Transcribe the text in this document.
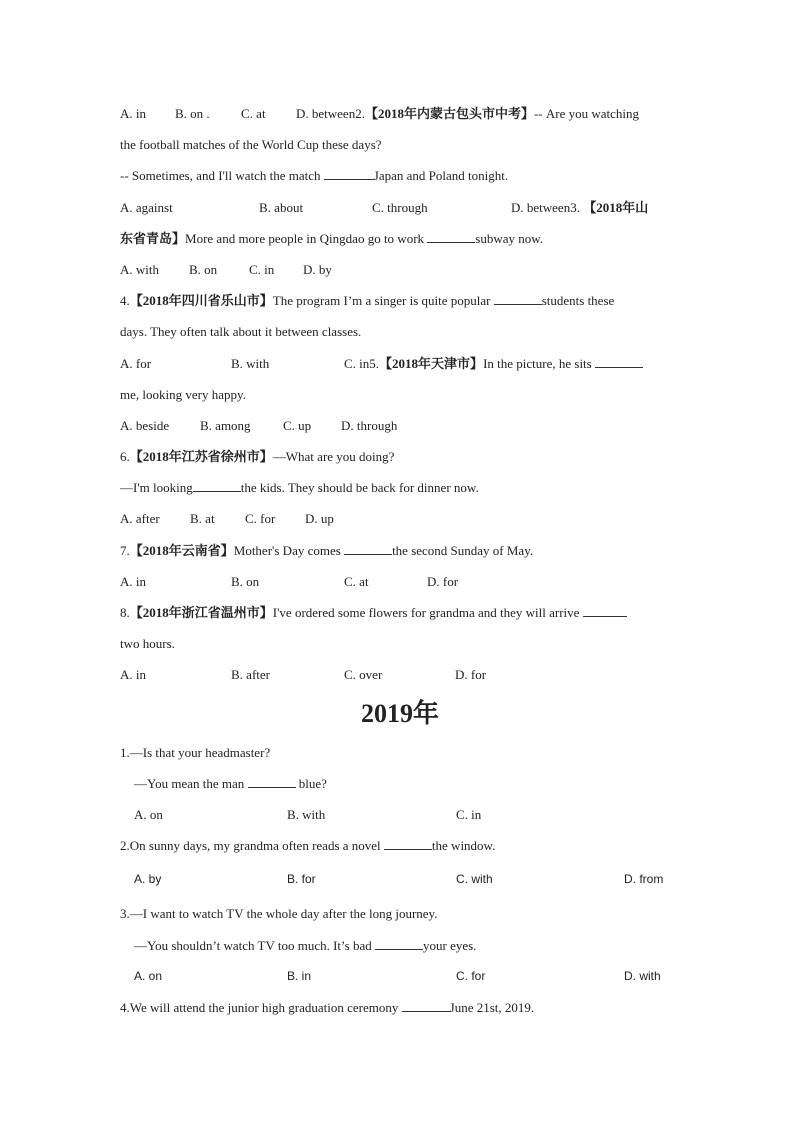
A. in B. on . C. at D. between2.【2018年内蒙古包头市中考】-- Are you watching
the football matches of the World Cup these days?
-- Sometimes, and I'll watch the match	Japan and Poland tonight.
A. against	B. about	C. through	D. between3. 【2018年山
东省青岛】More and more people in Qingdao go to work	subway now.
A. with B. on C. in D. by
4.【2018年四川省乐山市】The program I’m a singer is quite popular	students these
days. They often talk about it between classes.
A. for	B. with	C. in5.【2018年天津市】In the picture, he sits
me, looking very happy.
A. beside B. among C. up D. through
6.【2018年江苏省徐州市】—What are you doing?
—I'm looking	the kids. They should be back for dinner now.
A. after B. at C. for D. up
7.【2018年云南省】Mother's Day comes	the second Sunday of May.
A. in	B. on	C. at	D. for
8.【2018年浙江省温州市】I've ordered some flowers for grandma and they will arrive
two hours.
A. in	B. after	C. over	D. for
2019年
1.—Is that your headmaster?
—You mean the man	blue?
A. on	B. with	C. in
2.On sunny days, my grandma often reads a novel	the window.
A. by	B. for	C. with	D. from
3.—I want to watch TV the whole day after the long journey.
—You shouldn’t watch TV too much. It’s bad	your eyes.
A. on	B. in	C. for	D. with
4.We will attend the junior high graduation ceremony	June 21st, 2019.
